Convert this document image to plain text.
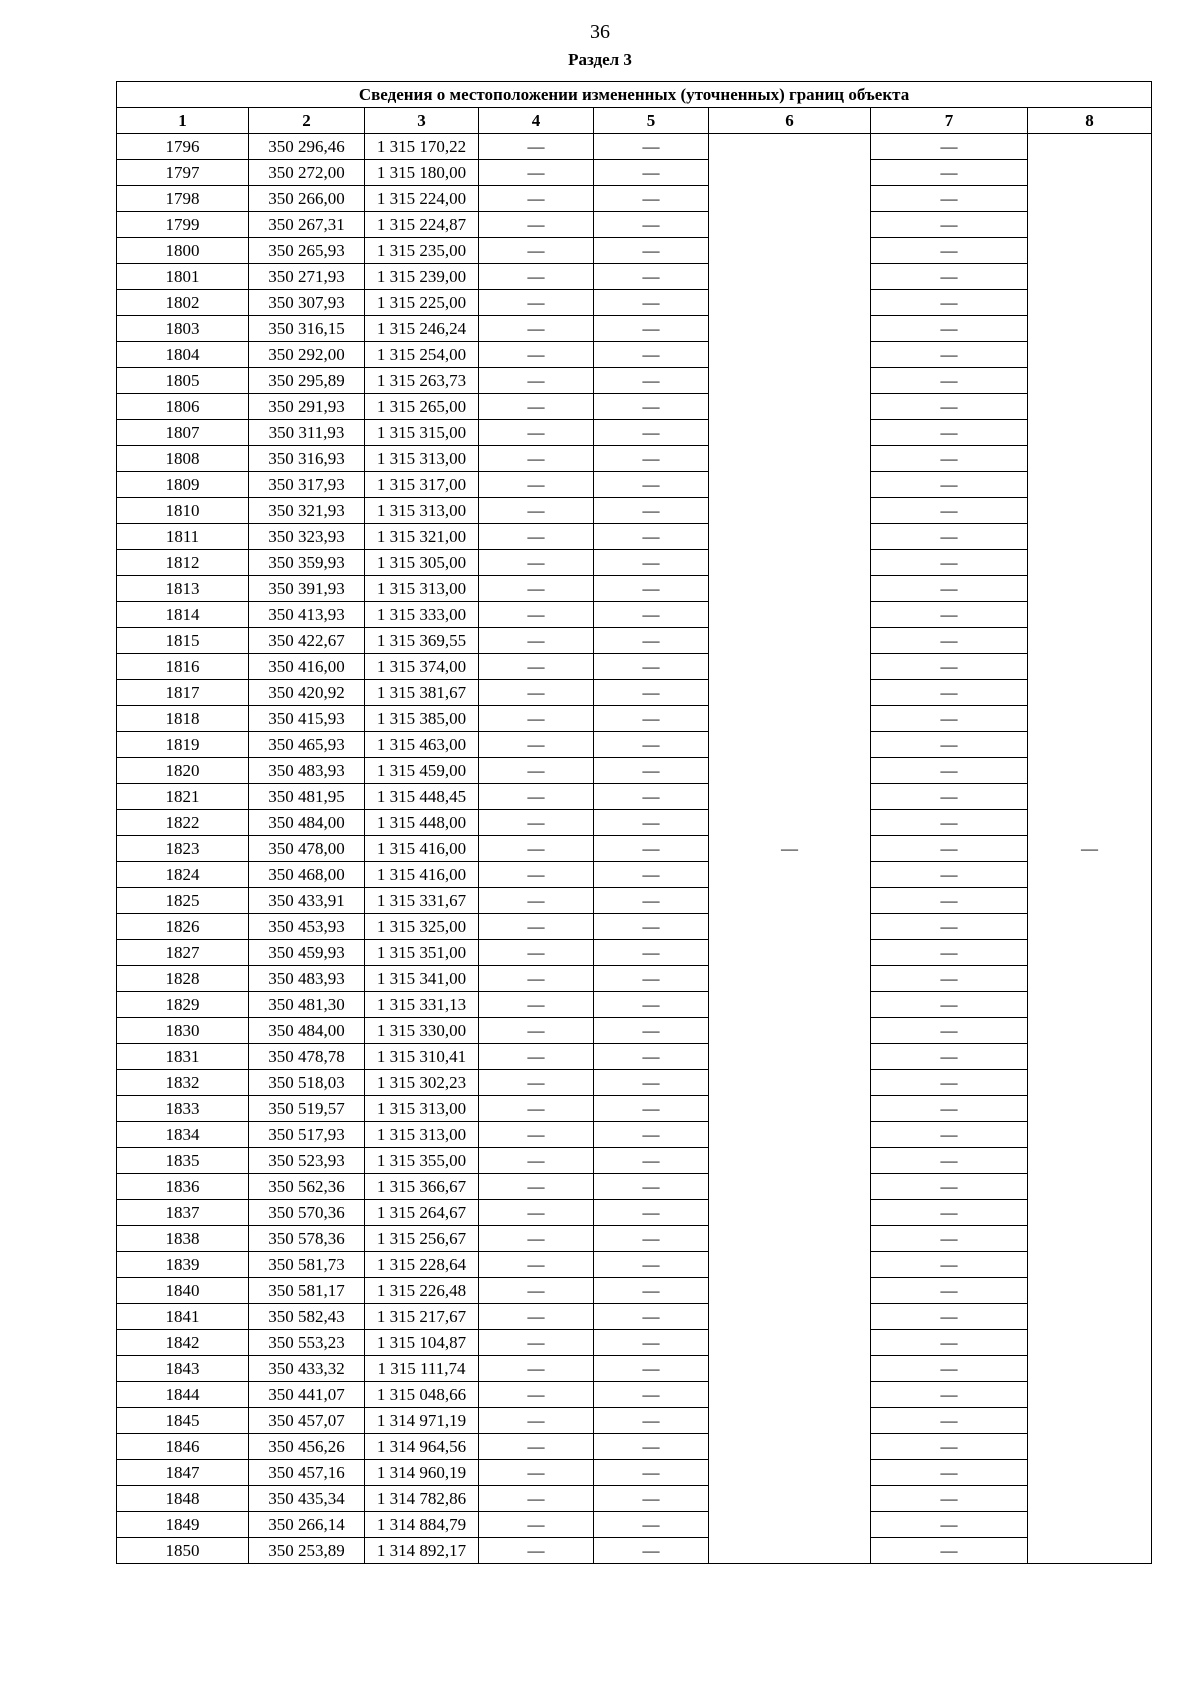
36
Раздел 3
Сведения о местоположении измененных (уточненных) границ объекта							
1	2	3	4	5	6	7	8
1796	350 296,46	1 315 170,22	—	—	—	—	—
1797	350 272,00	1 315 180,00	—	—		—	
1798	350 266,00	1 315 224,00	—	—		—	
1799	350 267,31	1 315 224,87	—	—		—	
1800	350 265,93	1 315 235,00	—	—		—	
1801	350 271,93	1 315 239,00	—	—		—	
1802	350 307,93	1 315 225,00	—	—		—	
1803	350 316,15	1 315 246,24	—	—		—	
1804	350 292,00	1 315 254,00	—	—		—	
1805	350 295,89	1 315 263,73	—	—		—	
1806	350 291,93	1 315 265,00	—	—		—	
1807	350 311,93	1 315 315,00	—	—		—	
1808	350 316,93	1 315 313,00	—	—		—	
1809	350 317,93	1 315 317,00	—	—		—	
1810	350 321,93	1 315 313,00	—	—		—	
1811	350 323,93	1 315 321,00	—	—		—	
1812	350 359,93	1 315 305,00	—	—		—	
1813	350 391,93	1 315 313,00	—	—		—	
1814	350 413,93	1 315 333,00	—	—		—	
1815	350 422,67	1 315 369,55	—	—		—	
1816	350 416,00	1 315 374,00	—	—		—	
1817	350 420,92	1 315 381,67	—	—		—	
1818	350 415,93	1 315 385,00	—	—		—	
1819	350 465,93	1 315 463,00	—	—		—	
1820	350 483,93	1 315 459,00	—	—		—	
1821	350 481,95	1 315 448,45	—	—		—	
1822	350 484,00	1 315 448,00	—	—		—	
1823	350 478,00	1 315 416,00	—	—		—	
1824	350 468,00	1 315 416,00	—	—		—	
1825	350 433,91	1 315 331,67	—	—		—	
1826	350 453,93	1 315 325,00	—	—		—	
1827	350 459,93	1 315 351,00	—	—		—	
1828	350 483,93	1 315 341,00	—	—		—	
1829	350 481,30	1 315 331,13	—	—		—	
1830	350 484,00	1 315 330,00	—	—		—	
1831	350 478,78	1 315 310,41	—	—		—	
1832	350 518,03	1 315 302,23	—	—		—	
1833	350 519,57	1 315 313,00	—	—		—	
1834	350 517,93	1 315 313,00	—	—		—	
1835	350 523,93	1 315 355,00	—	—		—	
1836	350 562,36	1 315 366,67	—	—		—	
1837	350 570,36	1 315 264,67	—	—		—	
1838	350 578,36	1 315 256,67	—	—		—	
1839	350 581,73	1 315 228,64	—	—		—	
1840	350 581,17	1 315 226,48	—	—		—	
1841	350 582,43	1 315 217,67	—	—		—	
1842	350 553,23	1 315 104,87	—	—		—	
1843	350 433,32	1 315 111,74	—	—		—	
1844	350 441,07	1 315 048,66	—	—		—	
1845	350 457,07	1 314 971,19	—	—		—	
1846	350 456,26	1 314 964,56	—	—		—	
1847	350 457,16	1 314 960,19	—	—		—	
1848	350 435,34	1 314 782,86	—	—		—	
1849	350 266,14	1 314 884,79	—	—		—	
1850	350 253,89	1 314 892,17	—	—		—	
